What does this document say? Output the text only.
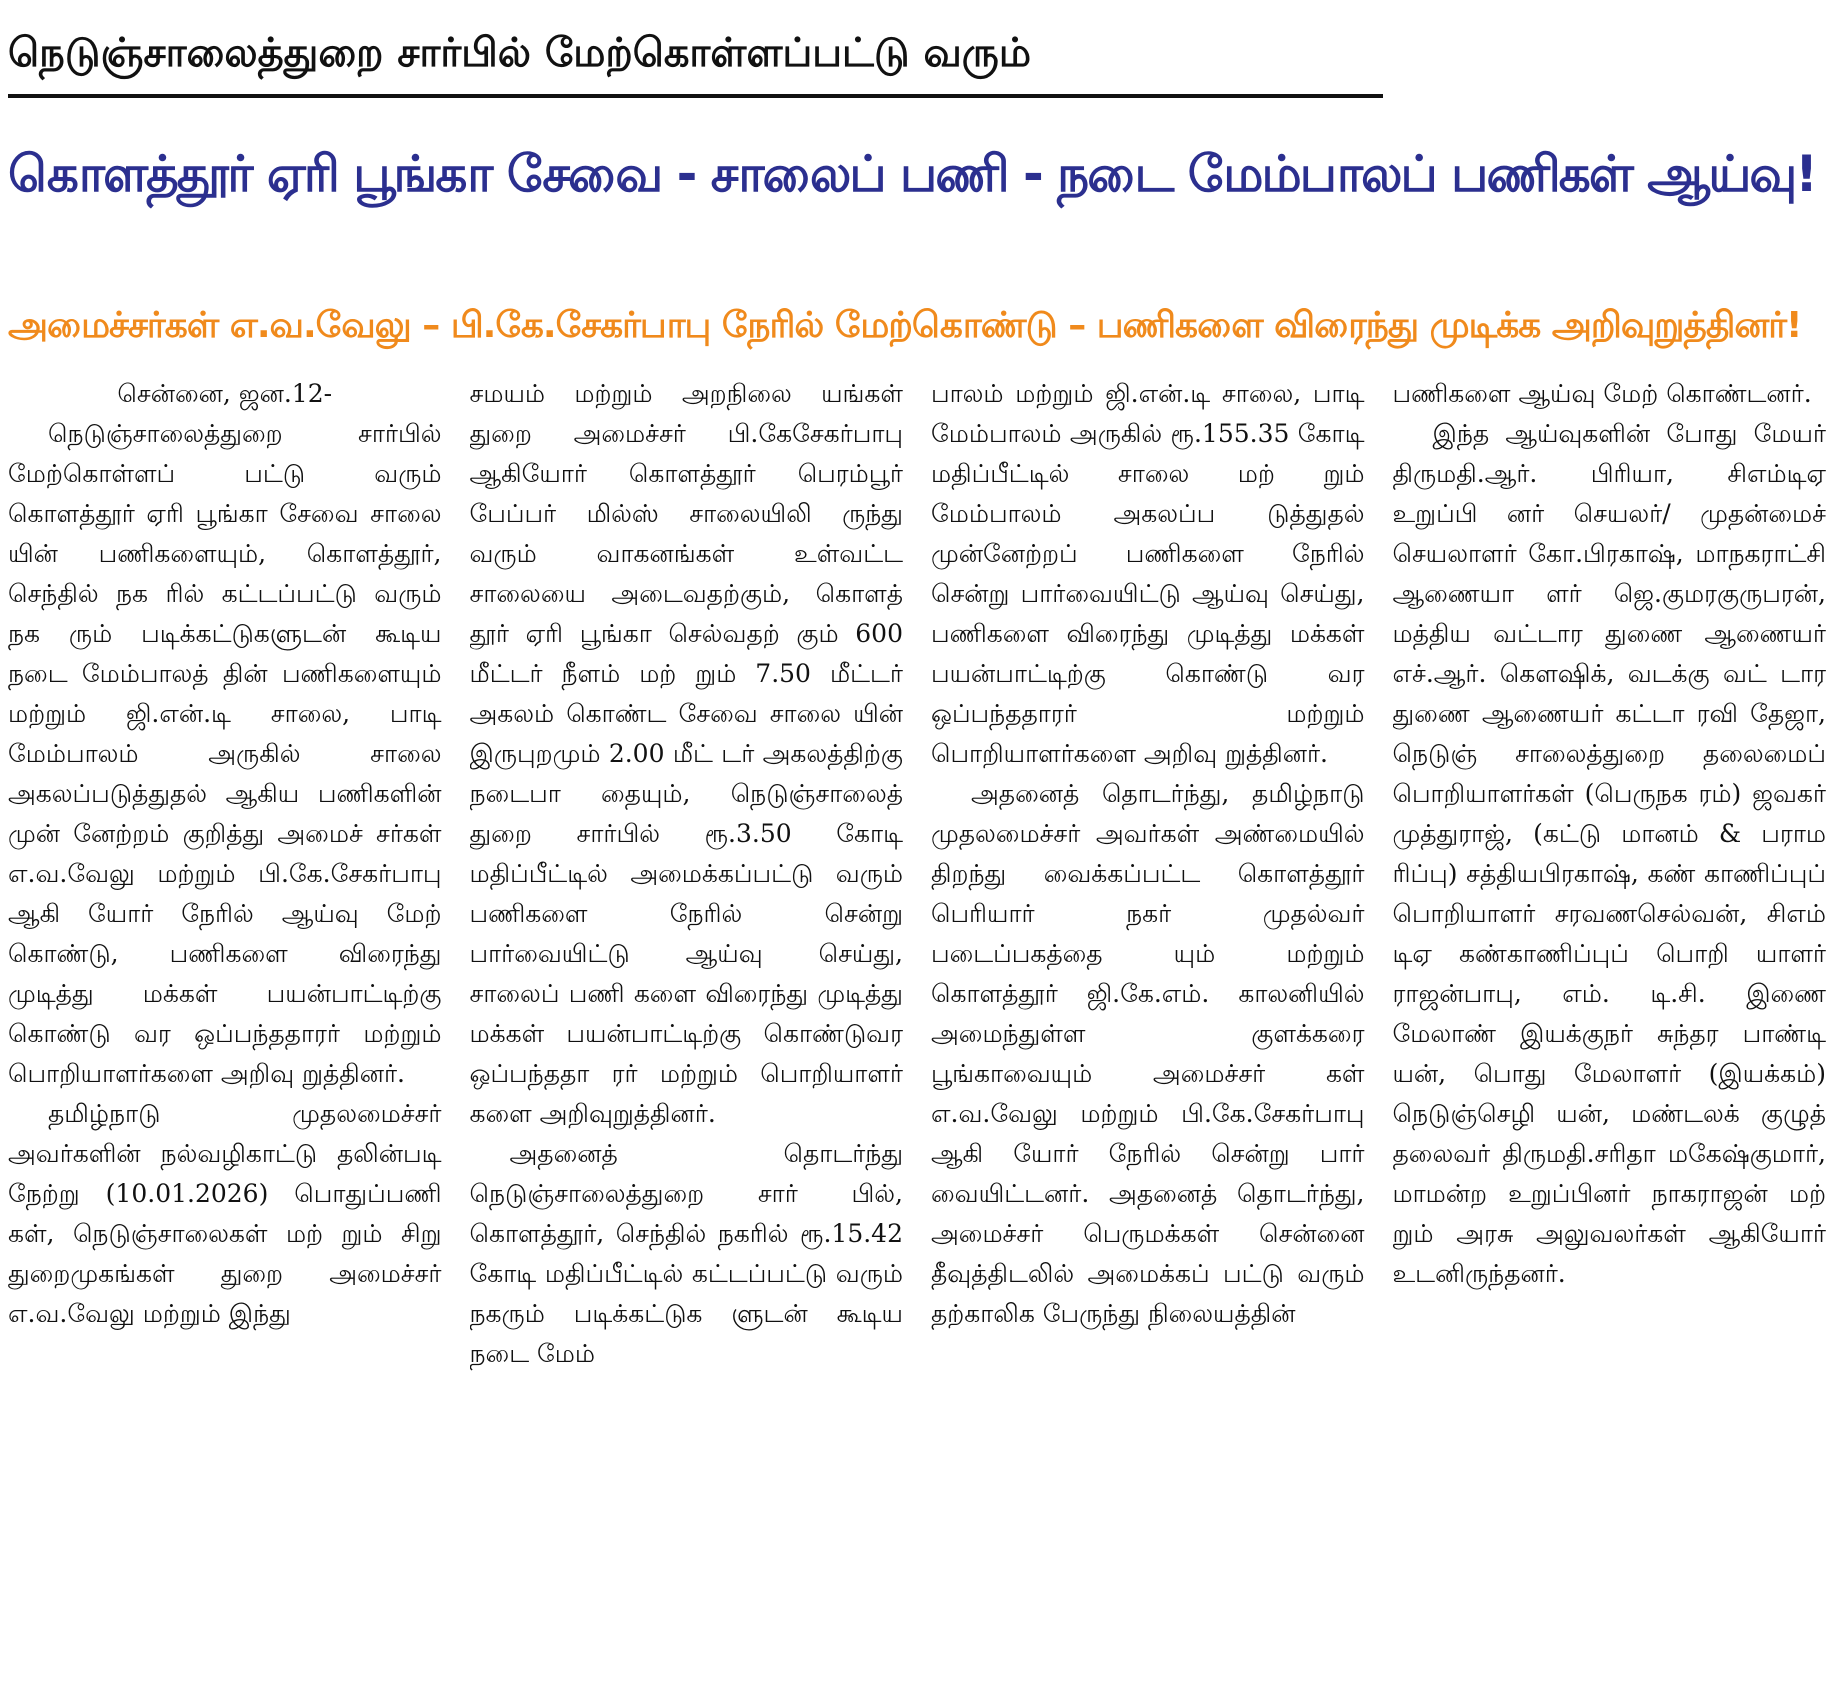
நெடுஞ்சாலைத்துறை சார்பில் மேற்கொள்ளப்பட்டு வரும்
கொளத்தூர் ஏரி பூங்கா சேவை - சாலைப் பணி - நடை மேம்பாலப் பணிகள் ஆய்வு!
அமைச்சர்கள் எ.வ.வேலு – பி.கே.சேகர்பாபு நேரில் மேற்கொண்டு – பணிகளை விரைந்து முடிக்க அறிவுறுத்தினர்!

சென்னை, ஜன.12-

நெடுஞ்சாலைத்துறை சார்பில் மேற்கொள்ளப் பட்டு வரும் கொளத்தூர் ஏரி பூங்கா சேவை சாலை யின் பணிகளையும், கொளத்தூர், செந்தில் நக ரில் கட்டப்பட்டு வரும் நக ரும் படிக்கட்டுகளுடன் கூடிய நடை மேம்பாலத் தின் பணிகளையும் மற்றும் ஜி.என்.டி சாலை, பாடி மேம்பாலம் அருகில் சாலை அகலப்படுத்துதல் ஆகிய பணிகளின் முன் னேற்றம் குறித்து அமைச் சர்கள் எ.வ.வேலு மற்றும் பி.கே.சேகர்பாபு ஆகி யோர் நேரில் ஆய்வு மேற் கொண்டு, பணிகளை விரைந்து முடித்து மக்கள் பயன்பாட்டிற்கு கொண்டு வர ஒப்பந்ததாரர் மற்றும் பொறியாளர்களை அறிவு றுத்தினர்.

தமிழ்நாடு முதலமைச்சர் அவர்களின் நல்வழிகாட்டு தலின்படி நேற்று (10.01.2026) பொதுப்பணி கள், நெடுஞ்சாலைகள் மற் றும் சிறு துறைமுகங்கள் துறை அமைச்சர் எ.வ.வேலு மற்றும் இந்து

சமயம் மற்றும் அறநிலை யங்கள் துறை அமைச்சர் பி.கேசேகர்பாபு ஆகியோர் கொளத்தூர் பெரம்பூர் பேப்பர் மில்ஸ் சாலையிலி ருந்து வரும் வாகனங்கள் உள்வட்ட சாலையை அடைவதற்கும், கொளத் தூர் ஏரி பூங்கா செல்வதற் கும் 600 மீட்டர் நீளம் மற் றும் 7.50 மீட்டர் அகலம் கொண்ட சேவை சாலை யின் இருபுறமும் 2.00 மீட் டர் அகலத்திற்கு நடைபா தையும், நெடுஞ்சாலைத் துறை சார்பில் ரூ.3.50 கோடி மதிப்பீட்டில் அமைக்கப்பட்டு வரும் பணிகளை நேரில் சென்று பார்வையிட்டு ஆய்வு செய்து, சாலைப் பணி களை விரைந்து முடித்து மக்கள் பயன்பாட்டிற்கு கொண்டுவர ஒப்பந்ததா ரர் மற்றும் பொறியாளர் களை அறிவுறுத்தினர்.

அதனைத் தொடர்ந்து நெடுஞ்சாலைத்துறை சார் பில், கொளத்தூர், செந்தில் நகரில் ரூ.15.42 கோடி மதிப்பீட்டில் கட்டப்பட்டு வரும் நகரும் படிக்கட்டுக ளுடன் கூடிய நடை மேம்

பாலம் மற்றும் ஜி.என்.டி சாலை, பாடி மேம்பாலம் அருகில் ரூ.155.35 கோடி மதிப்பீட்டில் சாலை மற் றும் மேம்பாலம் அகலப்ப டுத்துதல் முன்னேற்றப் பணிகளை நேரில் சென்று பார்வையிட்டு ஆய்வு செய்து, பணிகளை விரைந்து முடித்து மக்கள் பயன்பாட்டிற்கு கொண்டு வர ஒப்பந்ததாரர் மற்றும் பொறியாளர்களை அறிவு றுத்தினர்.

அதனைத் தொடர்ந்து, தமிழ்நாடு முதலமைச்சர் அவர்கள் அண்மையில் திறந்து வைக்கப்பட்ட கொளத்தூர் பெரியார் நகர் முதல்வர் படைப்பகத்தை யும் மற்றும் கொளத்தூர் ஜி.கே.எம். காலனியில் அமைந்துள்ள குளக்கரை பூங்காவையும் அமைச்சர் கள் எ.வ.வேலு மற்றும் பி.கே.சேகர்பாபு ஆகி யோர் நேரில் சென்று பார் வையிட்டனர். அதனைத் தொடர்ந்து, அமைச்சர் பெருமக்கள் சென்னை தீவுத்திடலில் அமைக்கப் பட்டு வரும் தற்காலிக பேருந்து நிலையத்தின்

பணிகளை ஆய்வு மேற் கொண்டனர்.

இந்த ஆய்வுகளின் போது மேயர் திருமதி.ஆர். பிரியா, சிஎம்டிஏ உறுப்பி னர் செயலர்/ முதன்மைச் செயலாளர் கோ.பிரகாஷ், மாநகராட்சி ஆணையா ளர் ஜெ.குமரகுருபரன், மத்திய வட்டார துணை ஆணையர் எச்.ஆர். கௌஷிக், வடக்கு வட் டார துணை ஆணையர் கட்டா ரவி தேஜா, நெடுஞ் சாலைத்துறை தலைமைப் பொறியாளர்கள் (பெருநக ரம்) ஜவகர் முத்துராஜ், (கட்டு மானம் & பராம ரிப்பு) சத்தியபிரகாஷ், கண் காணிப்புப் பொறியாளர் சரவணசெல்வன், சிஎம் டிஏ கண்காணிப்புப் பொறி யாளர் ராஜன்பாபு, எம். டி.சி. இணை மேலாண் இயக்குநர் சுந்தர பாண்டி யன், பொது மேலாளர் (இயக்கம்) நெடுஞ்செழி யன், மண்டலக் குழுத் தலைவர் திருமதி.சரிதா மகேஷ்குமார், மாமன்ற உறுப்பினர் நாகராஜன் மற் றும் அரசு அலுவலர்கள் ஆகியோர் உடனிருந்தனர்.
